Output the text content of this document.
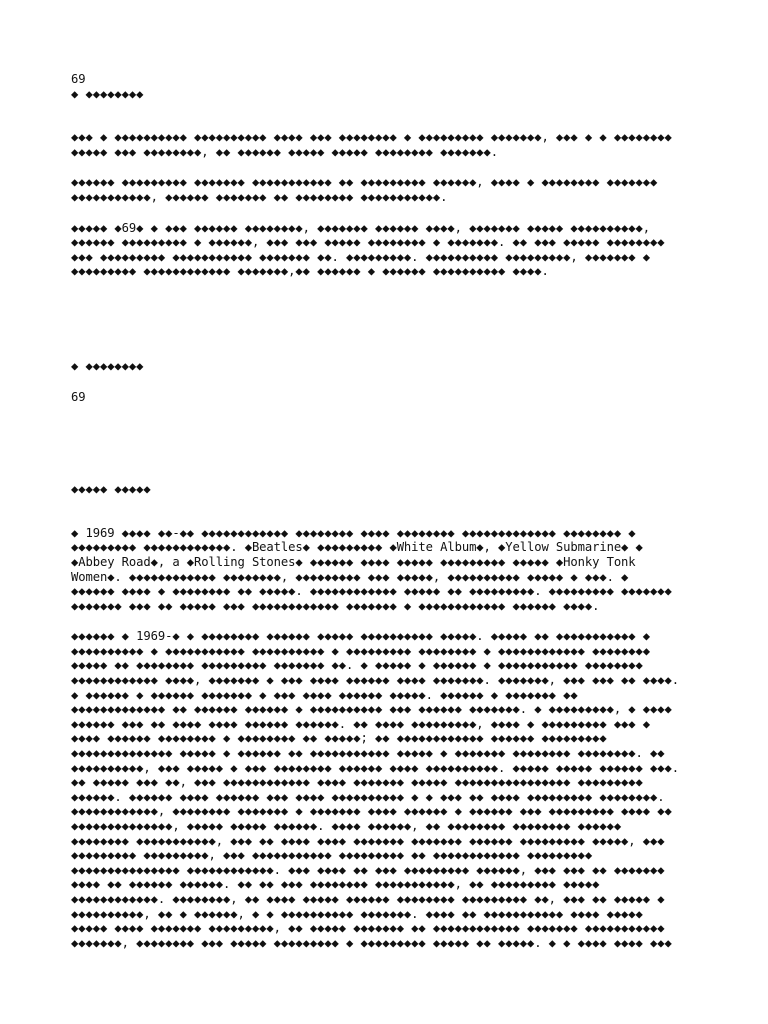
69
◆ ◆◆◆◆◆◆◆◆

◆◆◆ ◆ ◆◆◆◆◆◆◆◆◆◆ ◆◆◆◆◆◆◆◆◆◆ ◆◆◆◆ ◆◆◆ ◆◆◆◆◆◆◆◆ ◆ ◆◆◆◆◆◆◆◆◆ ◆◆◆◆◆◆◆, ◆◆◆ ◆ ◆ ◆◆◆◆◆◆◆◆
◆◆◆◆◆ ◆◆◆ ◆◆◆◆◆◆◆◆, ◆◆ ◆◆◆◆◆◆ ◆◆◆◆◆ ◆◆◆◆◆ ◆◆◆◆◆◆◆◆ ◆◆◆◆◆◆◆.

◆◆◆◆◆◆ ◆◆◆◆◆◆◆◆◆ ◆◆◆◆◆◆◆ ◆◆◆◆◆◆◆◆◆◆◆ ◆◆ ◆◆◆◆◆◆◆◆◆ ◆◆◆◆◆◆, ◆◆◆◆ ◆ ◆◆◆◆◆◆◆◆ ◆◆◆◆◆◆◆
◆◆◆◆◆◆◆◆◆◆◆, ◆◆◆◆◆◆ ◆◆◆◆◆◆◆ ◆◆ ◆◆◆◆◆◆◆◆ ◆◆◆◆◆◆◆◆◆◆◆.

◆◆◆◆◆ ◆69◆ ◆ ◆◆◆ ◆◆◆◆◆◆ ◆◆◆◆◆◆◆◆, ◆◆◆◆◆◆◆ ◆◆◆◆◆◆ ◆◆◆◆, ◆◆◆◆◆◆◆ ◆◆◆◆◆ ◆◆◆◆◆◆◆◆◆◆,
◆◆◆◆◆◆ ◆◆◆◆◆◆◆◆◆ ◆ ◆◆◆◆◆◆, ◆◆◆ ◆◆◆ ◆◆◆◆◆ ◆◆◆◆◆◆◆◆ ◆ ◆◆◆◆◆◆◆. ◆◆ ◆◆◆ ◆◆◆◆◆ ◆◆◆◆◆◆◆◆
◆◆◆ ◆◆◆◆◆◆◆◆◆ ◆◆◆◆◆◆◆◆◆◆◆ ◆◆◆◆◆◆◆ ◆◆. ◆◆◆◆◆◆◆◆◆. ◆◆◆◆◆◆◆◆◆◆ ◆◆◆◆◆◆◆◆◆, ◆◆◆◆◆◆◆ ◆
◆◆◆◆◆◆◆◆◆ ◆◆◆◆◆◆◆◆◆◆◆◆ ◆◆◆◆◆◆◆,◆◆ ◆◆◆◆◆◆ ◆ ◆◆◆◆◆◆ ◆◆◆◆◆◆◆◆◆◆ ◆◆◆◆.

◆ ◆◆◆◆◆◆◆◆
69
◆◆◆◆◆ ◆◆◆◆◆

◆ 1969 ◆◆◆◆ ◆◆-◆◆ ◆◆◆◆◆◆◆◆◆◆◆◆ ◆◆◆◆◆◆◆◆ ◆◆◆◆ ◆◆◆◆◆◆◆◆ ◆◆◆◆◆◆◆◆◆◆◆◆◆ ◆◆◆◆◆◆◆◆ ◆
◆◆◆◆◆◆◆◆◆ ◆◆◆◆◆◆◆◆◆◆◆◆. ◆Beatles◆ ◆◆◆◆◆◆◆◆◆ ◆White Album◆, ◆Yellow Submarine◆ ◆
◆Abbey Road◆, a ◆Rolling Stones◆ ◆◆◆◆◆◆ ◆◆◆◆ ◆◆◆◆◆ ◆◆◆◆◆◆◆◆◆ ◆◆◆◆◆ ◆Honky Tonk
Women◆. ◆◆◆◆◆◆◆◆◆◆◆◆ ◆◆◆◆◆◆◆◆, ◆◆◆◆◆◆◆◆◆ ◆◆◆ ◆◆◆◆◆, ◆◆◆◆◆◆◆◆◆◆ ◆◆◆◆◆ ◆ ◆◆◆. ◆
◆◆◆◆◆◆ ◆◆◆◆ ◆ ◆◆◆◆◆◆◆◆ ◆◆ ◆◆◆◆◆. ◆◆◆◆◆◆◆◆◆◆◆◆ ◆◆◆◆◆ ◆◆ ◆◆◆◆◆◆◆◆◆. ◆◆◆◆◆◆◆◆◆ ◆◆◆◆◆◆◆
◆◆◆◆◆◆◆ ◆◆◆ ◆◆ ◆◆◆◆◆ ◆◆◆ ◆◆◆◆◆◆◆◆◆◆◆◆ ◆◆◆◆◆◆◆ ◆ ◆◆◆◆◆◆◆◆◆◆◆◆ ◆◆◆◆◆◆ ◆◆◆◆.

◆◆◆◆◆◆ ◆ 1969-◆ ◆ ◆◆◆◆◆◆◆◆ ◆◆◆◆◆◆ ◆◆◆◆◆ ◆◆◆◆◆◆◆◆◆◆ ◆◆◆◆◆. ◆◆◆◆◆ ◆◆ ◆◆◆◆◆◆◆◆◆◆◆ ◆
◆◆◆◆◆◆◆◆◆◆ ◆ ◆◆◆◆◆◆◆◆◆◆◆ ◆◆◆◆◆◆◆◆◆◆ ◆ ◆◆◆◆◆◆◆◆◆ ◆◆◆◆◆◆◆◆ ◆ ◆◆◆◆◆◆◆◆◆◆◆◆ ◆◆◆◆◆◆◆◆
◆◆◆◆◆ ◆◆ ◆◆◆◆◆◆◆◆ ◆◆◆◆◆◆◆◆◆ ◆◆◆◆◆◆◆ ◆◆. ◆ ◆◆◆◆◆ ◆ ◆◆◆◆◆◆ ◆ ◆◆◆◆◆◆◆◆◆◆◆ ◆◆◆◆◆◆◆◆
◆◆◆◆◆◆◆◆◆◆◆◆ ◆◆◆◆, ◆◆◆◆◆◆◆ ◆ ◆◆◆ ◆◆◆◆ ◆◆◆◆◆◆ ◆◆◆◆ ◆◆◆◆◆◆◆. ◆◆◆◆◆◆◆, ◆◆◆ ◆◆◆ ◆◆ ◆◆◆◆.
◆ ◆◆◆◆◆◆ ◆ ◆◆◆◆◆◆ ◆◆◆◆◆◆◆ ◆ ◆◆◆ ◆◆◆◆ ◆◆◆◆◆◆ ◆◆◆◆◆. ◆◆◆◆◆◆ ◆ ◆◆◆◆◆◆◆ ◆◆
◆◆◆◆◆◆◆◆◆◆◆◆◆ ◆◆ ◆◆◆◆◆◆ ◆◆◆◆◆◆ ◆ ◆◆◆◆◆◆◆◆◆◆ ◆◆◆ ◆◆◆◆◆◆ ◆◆◆◆◆◆◆. ◆ ◆◆◆◆◆◆◆◆◆, ◆ ◆◆◆◆
◆◆◆◆◆◆ ◆◆◆ ◆◆ ◆◆◆◆ ◆◆◆◆ ◆◆◆◆◆◆ ◆◆◆◆◆◆. ◆◆ ◆◆◆◆ ◆◆◆◆◆◆◆◆◆, ◆◆◆◆ ◆ ◆◆◆◆◆◆◆◆◆ ◆◆◆ ◆
◆◆◆◆ ◆◆◆◆◆◆ ◆◆◆◆◆◆◆◆ ◆ ◆◆◆◆◆◆◆◆ ◆◆ ◆◆◆◆◆; ◆◆ ◆◆◆◆◆◆◆◆◆◆◆◆ ◆◆◆◆◆◆ ◆◆◆◆◆◆◆◆◆
◆◆◆◆◆◆◆◆◆◆◆◆◆◆ ◆◆◆◆◆ ◆ ◆◆◆◆◆◆ ◆◆ ◆◆◆◆◆◆◆◆◆◆◆ ◆◆◆◆◆ ◆ ◆◆◆◆◆◆◆ ◆◆◆◆◆◆◆◆ ◆◆◆◆◆◆◆◆. ◆◆
◆◆◆◆◆◆◆◆◆◆, ◆◆◆ ◆◆◆◆◆ ◆ ◆◆◆ ◆◆◆◆◆◆◆◆ ◆◆◆◆◆◆ ◆◆◆◆ ◆◆◆◆◆◆◆◆◆◆. ◆◆◆◆◆ ◆◆◆◆◆ ◆◆◆◆◆◆ ◆◆◆.
◆◆ ◆◆◆◆◆ ◆◆◆ ◆◆, ◆◆◆ ◆◆◆◆◆◆◆◆◆◆◆◆ ◆◆◆◆ ◆◆◆◆◆◆◆ ◆◆◆◆◆ ◆◆◆◆◆◆◆◆◆◆◆◆◆◆◆◆ ◆◆◆◆◆◆◆◆◆
◆◆◆◆◆◆. ◆◆◆◆◆◆ ◆◆◆◆ ◆◆◆◆◆◆ ◆◆◆ ◆◆◆◆ ◆◆◆◆◆◆◆◆◆◆ ◆ ◆ ◆◆◆ ◆◆ ◆◆◆◆ ◆◆◆◆◆◆◆◆◆ ◆◆◆◆◆◆◆◆.
◆◆◆◆◆◆◆◆◆◆◆◆, ◆◆◆◆◆◆◆◆ ◆◆◆◆◆◆◆ ◆ ◆◆◆◆◆◆◆ ◆◆◆◆ ◆◆◆◆◆◆ ◆ ◆◆◆◆◆◆ ◆◆◆ ◆◆◆◆◆◆◆◆◆ ◆◆◆◆ ◆◆
◆◆◆◆◆◆◆◆◆◆◆◆◆◆, ◆◆◆◆◆ ◆◆◆◆◆ ◆◆◆◆◆◆. ◆◆◆◆ ◆◆◆◆◆◆, ◆◆ ◆◆◆◆◆◆◆◆ ◆◆◆◆◆◆◆◆ ◆◆◆◆◆◆
◆◆◆◆◆◆◆◆ ◆◆◆◆◆◆◆◆◆◆◆, ◆◆◆ ◆◆ ◆◆◆◆ ◆◆◆◆ ◆◆◆◆◆◆◆ ◆◆◆◆◆◆◆ ◆◆◆◆◆◆ ◆◆◆◆◆◆◆◆◆ ◆◆◆◆◆, ◆◆◆
◆◆◆◆◆◆◆◆◆ ◆◆◆◆◆◆◆◆◆, ◆◆◆ ◆◆◆◆◆◆◆◆◆◆◆ ◆◆◆◆◆◆◆◆◆ ◆◆ ◆◆◆◆◆◆◆◆◆◆◆◆ ◆◆◆◆◆◆◆◆◆
◆◆◆◆◆◆◆◆◆◆◆◆◆◆◆ ◆◆◆◆◆◆◆◆◆◆◆◆. ◆◆◆ ◆◆◆◆ ◆◆ ◆◆◆ ◆◆◆◆◆◆◆◆◆ ◆◆◆◆◆◆, ◆◆◆ ◆◆◆ ◆◆ ◆◆◆◆◆◆◆
◆◆◆◆ ◆◆ ◆◆◆◆◆◆ ◆◆◆◆◆◆. ◆◆ ◆◆ ◆◆◆ ◆◆◆◆◆◆◆◆ ◆◆◆◆◆◆◆◆◆◆◆, ◆◆ ◆◆◆◆◆◆◆◆◆ ◆◆◆◆◆
◆◆◆◆◆◆◆◆◆◆◆◆. ◆◆◆◆◆◆◆◆, ◆◆ ◆◆◆◆ ◆◆◆◆◆ ◆◆◆◆◆◆ ◆◆◆◆◆◆◆◆ ◆◆◆◆◆◆◆◆◆ ◆◆, ◆◆◆ ◆◆ ◆◆◆◆◆ ◆
◆◆◆◆◆◆◆◆◆◆, ◆◆ ◆ ◆◆◆◆◆◆, ◆ ◆ ◆◆◆◆◆◆◆◆◆◆ ◆◆◆◆◆◆◆. ◆◆◆◆ ◆◆ ◆◆◆◆◆◆◆◆◆◆◆ ◆◆◆◆ ◆◆◆◆◆
◆◆◆◆◆ ◆◆◆◆ ◆◆◆◆◆◆◆ ◆◆◆◆◆◆◆◆◆, ◆◆ ◆◆◆◆◆ ◆◆◆◆◆◆◆ ◆◆ ◆◆◆◆◆◆◆◆◆◆◆◆ ◆◆◆◆◆◆◆ ◆◆◆◆◆◆◆◆◆◆◆
◆◆◆◆◆◆◆, ◆◆◆◆◆◆◆◆ ◆◆◆ ◆◆◆◆◆ ◆◆◆◆◆◆◆◆◆ ◆ ◆◆◆◆◆◆◆◆◆ ◆◆◆◆◆ ◆◆ ◆◆◆◆◆. ◆ ◆ ◆◆◆◆ ◆◆◆◆ ◆◆◆
